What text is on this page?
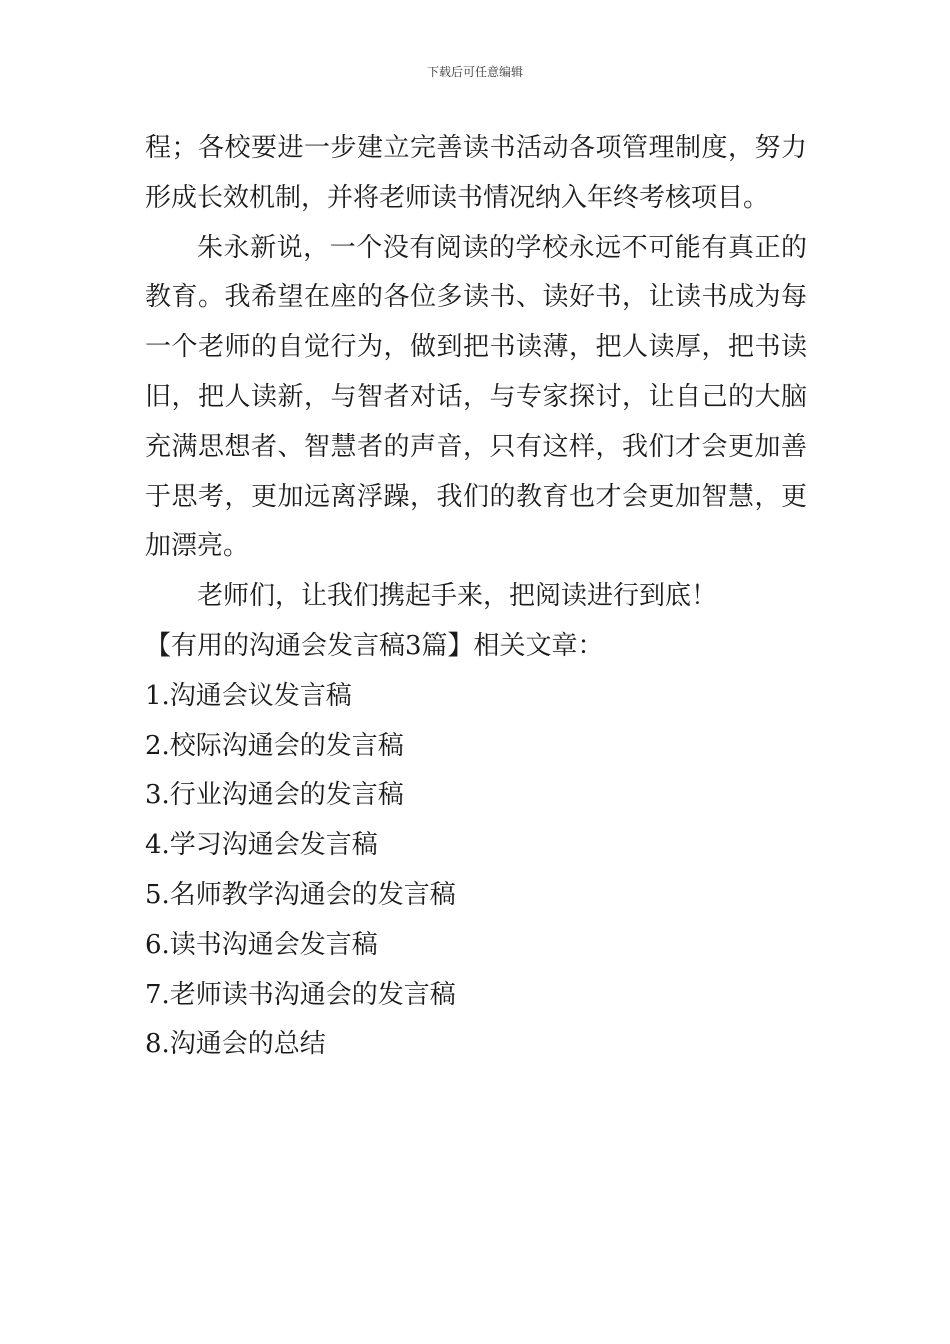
下载后可任意编辑

程；各校要进一步建立完善读书活动各项管理制度，努力形成长效机制，并将老师读书情况纳入年终考核项目。

朱永新说，一个没有阅读的学校永远不可能有真正的教育。我希望在座的各位多读书、读好书，让读书成为每一个老师的自觉行为，做到把书读薄，把人读厚，把书读旧，把人读新，与智者对话，与专家探讨，让自己的大脑充满思想者、智慧者的声音，只有这样，我们才会更加善于思考，更加远离浮躁，我们的教育也才会更加智慧，更加漂亮。

老师们，让我们携起手来，把阅读进行到底！

【有用的沟通会发言稿3篇】相关文章：

1.沟通会议发言稿

2.校际沟通会的发言稿

3.行业沟通会的发言稿

4.学习沟通会发言稿

5.名师教学沟通会的发言稿

6.读书沟通会发言稿

7.老师读书沟通会的发言稿

8.沟通会的总结
